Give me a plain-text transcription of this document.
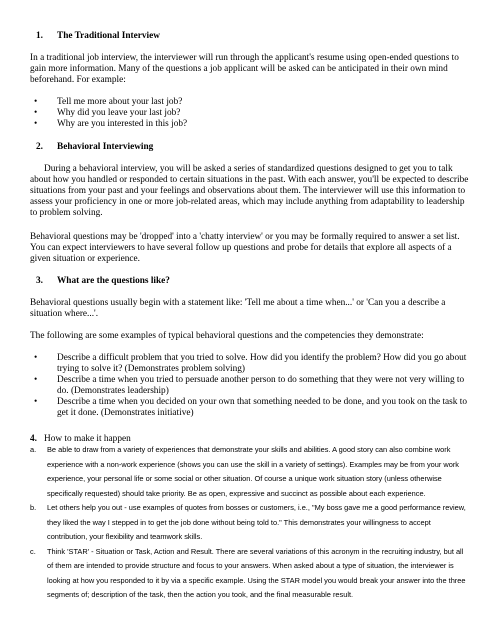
1. The Traditional Interview

In a traditional job interview, the interviewer will run through the applicant's resume using open-ended questions to gain more information. Many of the questions a job applicant will be asked can be anticipated in their own mind beforehand. For example:

• Tell me more about your last job?
• Why did you leave your last job?
• Why are you interested in this job?
2. Behavioral Interviewing

During a behavioral interview, you will be asked a series of standardized questions designed to get you to talk about how you handled or responded to certain situations in the past. With each answer, you'll be expected to describe situations from your past and your feelings and observations about them. The interviewer will use this information to assess your proficiency in one or more job-related areas, which may include anything from adaptability to leadership to problem solving.

Behavioral questions may be 'dropped' into a 'chatty interview' or you may be formally required to answer a set list. You can expect interviewers to have several follow up questions and probe for details that explore all aspects of a given situation or experience.

3. What are the questions like?

Behavioral questions usually begin with a statement like: 'Tell me about a time when...' or 'Can you a describe a situation where...'.

The following are some examples of typical behavioral questions and the competencies they demonstrate:

• Describe a difficult problem that you tried to solve. How did you identify the problem? How did you go about trying to solve it? (Demonstrates problem solving)
• Describe a time when you tried to persuade another person to do something that they were not very willing to do. (Demonstrates leadership)
• Describe a time when you decided on your own that something needed to be done, and you took on the task to get it done. (Demonstrates initiative)
4. How to make it happen
a. Be able to draw from a variety of experiences that demonstrate your skills and abilities. A good story can also combine work experience with a non-work experience (shows you can use the skill in a variety of settings). Examples may be from your work experience, your personal life or some social or other situation. Of course a unique work situation story (unless otherwise specifically requested) should take priority. Be as open, expressive and succinct as possible about each experience.
b. Let others help you out - use examples of quotes from bosses or customers, i.e., "My boss gave me a good performance review, they liked the way I stepped in to get the job done without being told to." This demonstrates your willingness to accept contribution, your flexibility and teamwork skills.
c. Think 'STAR' - Situation or Task, Action and Result. There are several variations of this acronym in the recruiting industry, but all of them are intended to provide structure and focus to your answers. When asked about a type of situation, the interviewer is looking at how you responded to it by via a specific example. Using the STAR model you would break your answer into the three segments of; description of the task, then the action you took, and the final measurable result.
